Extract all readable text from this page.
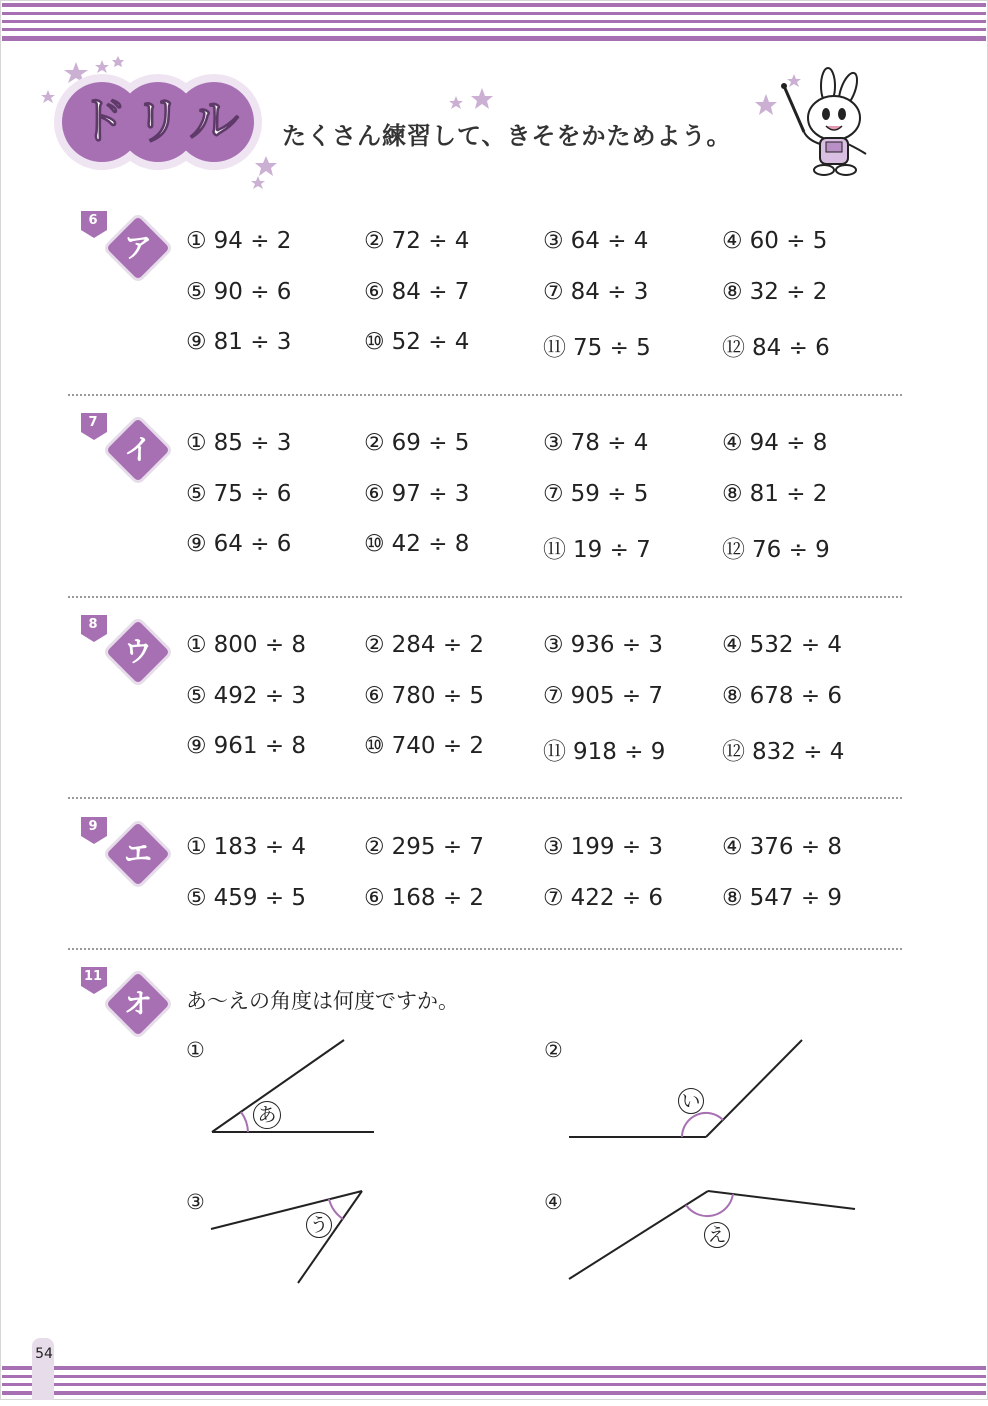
ド リ ル たくさん練習して、きそをかためよう。
6
ア
7
イ
8
ウ
9
エ
11
オ
① 94 ÷ 2	② 72 ÷ 4	③ 64 ÷ 4	④ 60 ÷ 5
⑤ 90 ÷ 6	⑥ 84 ÷ 7	⑦ 84 ÷ 3	⑧ 32 ÷ 2
⑨ 81 ÷ 3	⑩ 52 ÷ 4	⑪ 75 ÷ 5	⑫ 84 ÷ 6
① 85 ÷ 3	② 69 ÷ 5	③ 78 ÷ 4	④ 94 ÷ 8
⑤ 75 ÷ 6	⑥ 97 ÷ 3	⑦ 59 ÷ 5	⑧ 81 ÷ 2
⑨ 64 ÷ 6	⑩ 42 ÷ 8	⑪ 19 ÷ 7	⑫ 76 ÷ 9
① 800 ÷ 8	② 284 ÷ 2	③ 936 ÷ 3	④ 532 ÷ 4
⑤ 492 ÷ 3	⑥ 780 ÷ 5	⑦ 905 ÷ 7	⑧ 678 ÷ 6
⑨ 961 ÷ 8	⑩ 740 ÷ 2	⑪ 918 ÷ 9 ⑫ 832 ÷ 4
① 183 ÷ 4	② 295 ÷ 7	③ 199 ÷ 3	④ 376 ÷ 8
⑤ 459 ÷ 5	⑥ 168 ÷ 2	⑦ 422 ÷ 6	⑧ 547 ÷ 9
あ〜えの角度は何度ですか。
①	②
③	④
あ
い
う	え
54
